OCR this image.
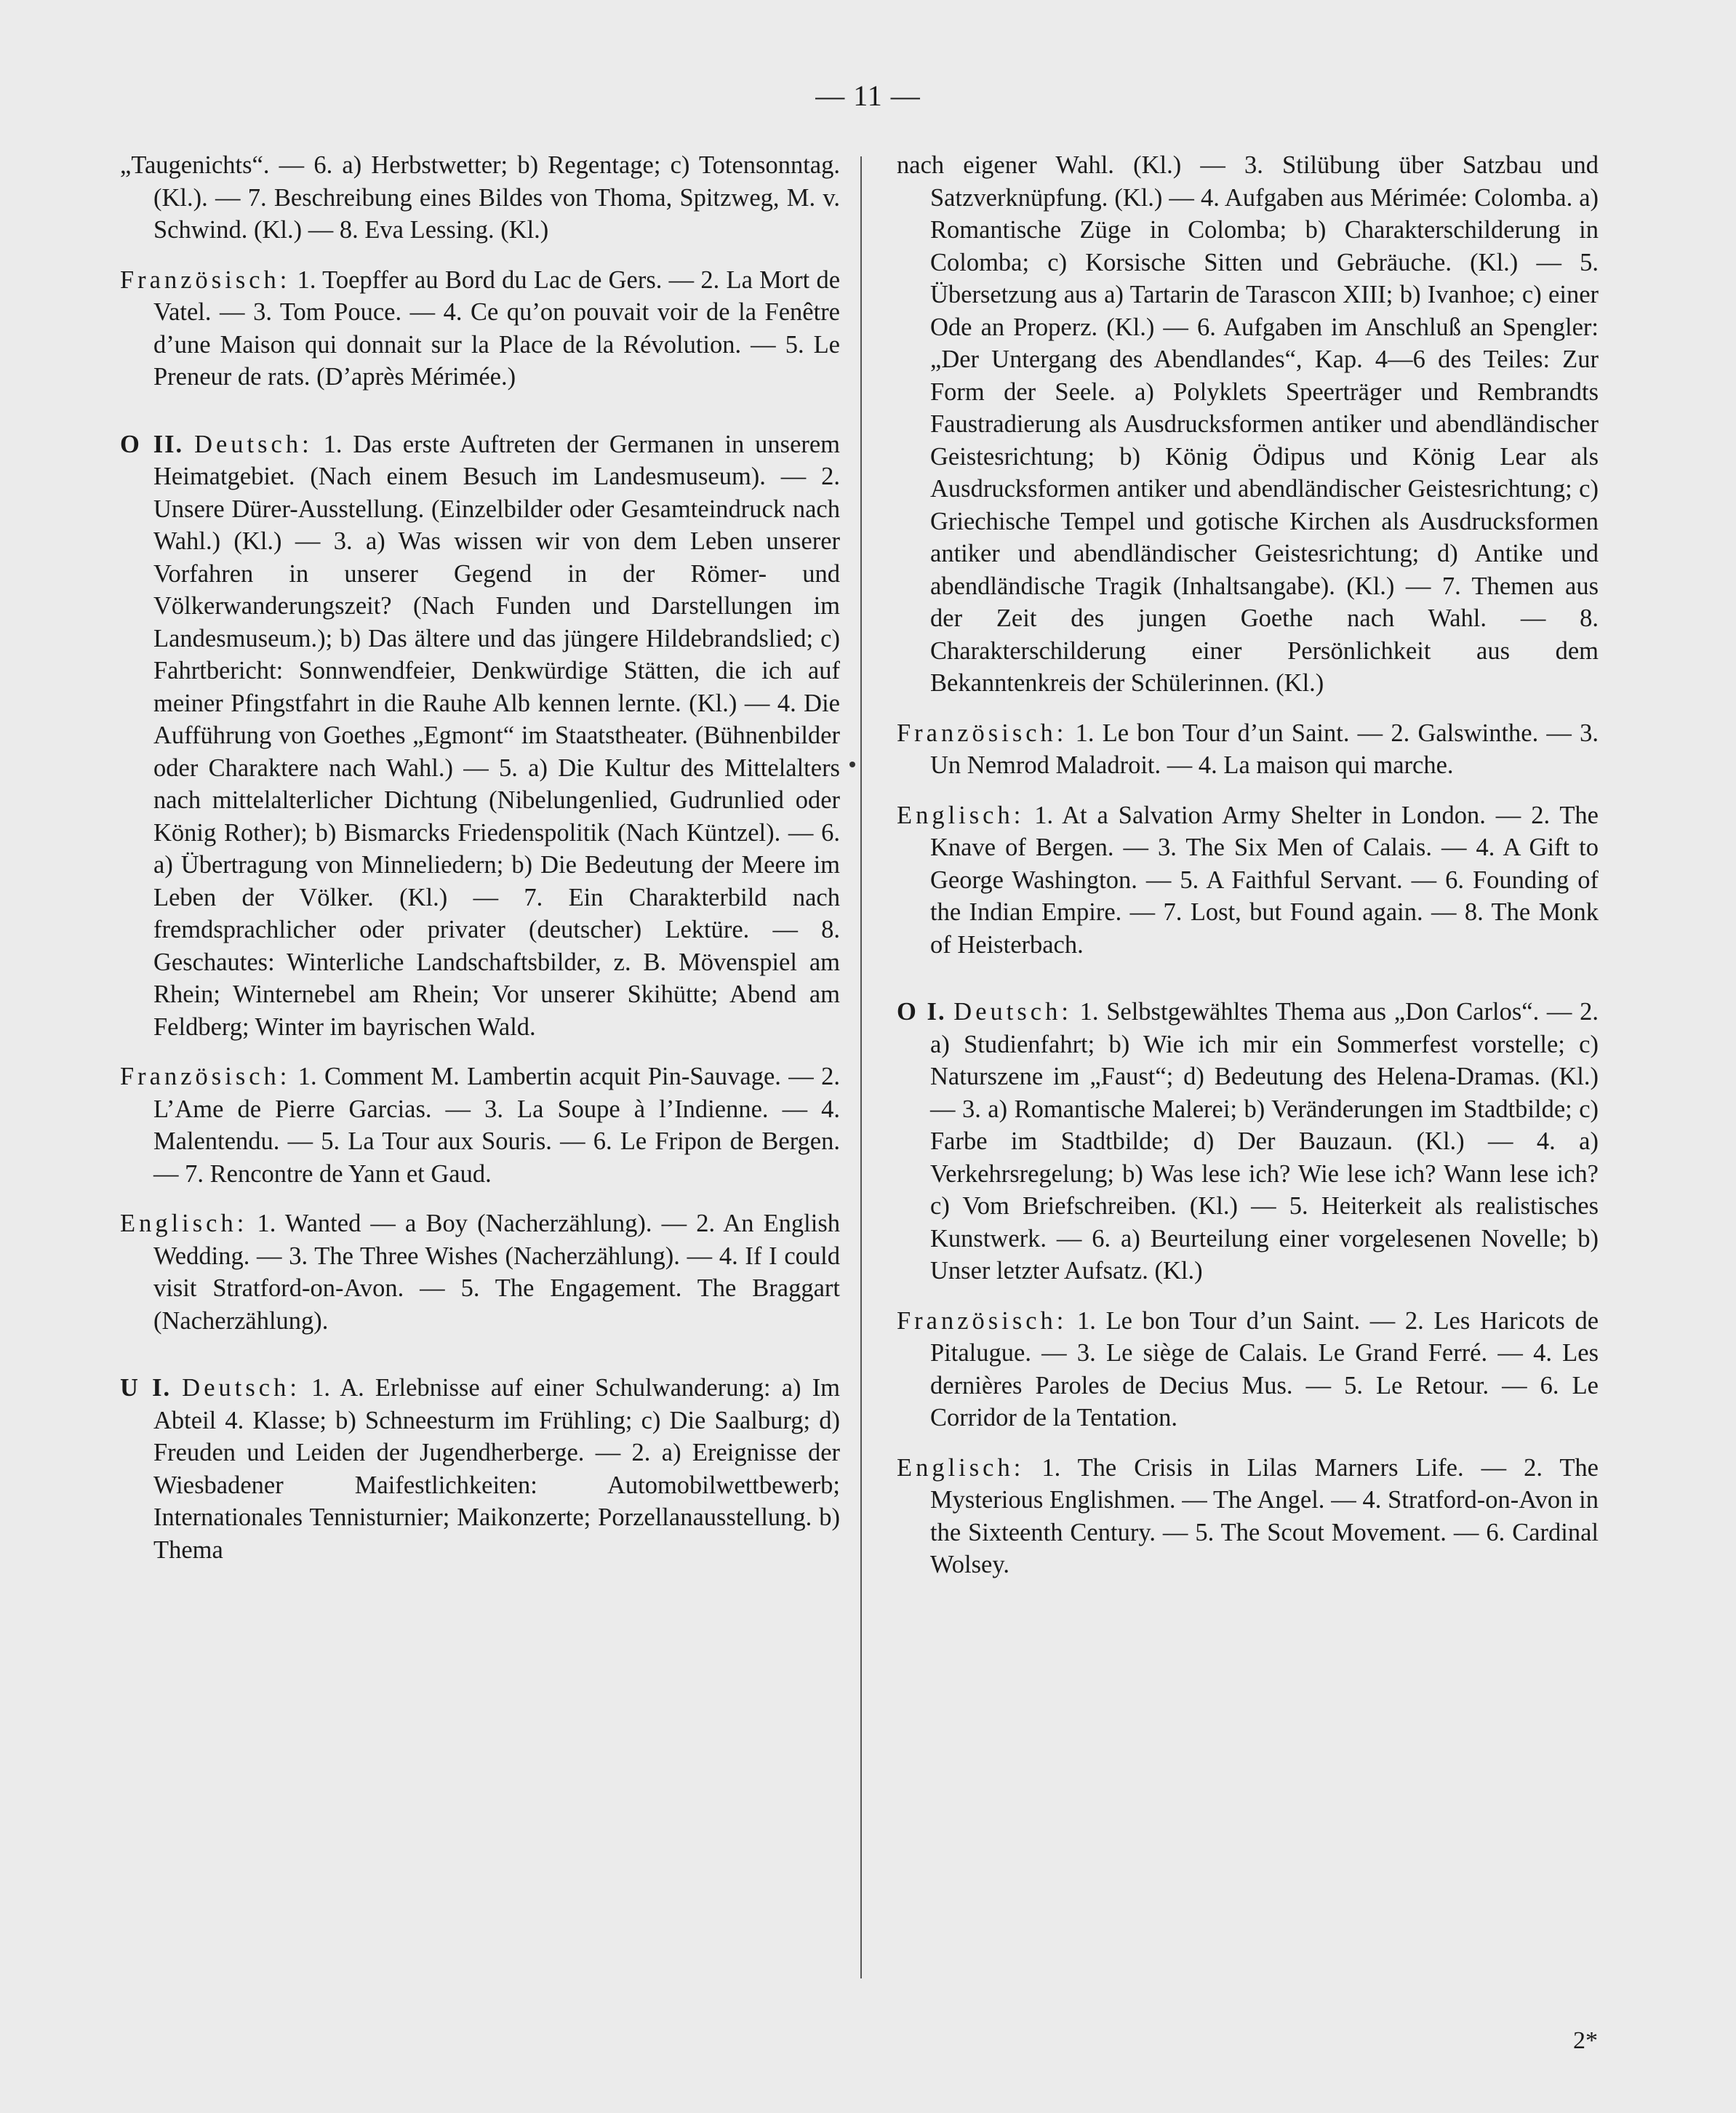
— 11 —

„Taugenichts“. — 6. a) Herbstwetter; b) Regentage; c) Totensonntag. (Kl.). — 7. Beschreibung eines Bildes von Thoma, Spitzweg, M. v. Schwind. (Kl.) — 8. Eva Lessing. (Kl.)

Französisch: 1. Toepffer au Bord du Lac de Gers. — 2. La Mort de Vatel. — 3. Tom Pouce. — 4. Ce qu’on pouvait voir de la Fenêtre d’une Maison qui donnait sur la Place de la Révolution. — 5. Le Preneur de rats. (D’après Mérimée.)

O II. Deutsch: 1. Das erste Auftreten der Germanen in unserem Heimatgebiet. (Nach einem Besuch im Landesmuseum). — 2. Unsere Dürer-Ausstellung. (Einzelbilder oder Gesamteindruck nach Wahl.) (Kl.) — 3. a) Was wissen wir von dem Leben unserer Vorfahren in unserer Gegend in der Römer- und Völkerwanderungszeit? (Nach Funden und Darstellungen im Landesmuseum.); b) Das ältere und das jüngere Hildebrandslied; c) Fahrtbericht: Sonnwendfeier, Denkwürdige Stätten, die ich auf meiner Pfingstfahrt in die Rauhe Alb kennen lernte. (Kl.) — 4. Die Aufführung von Goethes „Egmont“ im Staatstheater. (Bühnenbilder oder Charaktere nach Wahl.) — 5. a) Die Kultur des Mittelalters nach mittelalterlicher Dichtung (Nibelungenlied, Gudrunlied oder König Rother); b) Bismarcks Friedenspolitik (Nach Küntzel). — 6. a) Übertragung von Minneliedern; b) Die Bedeutung der Meere im Leben der Völker. (Kl.) — 7. Ein Charakterbild nach fremdsprachlicher oder privater (deutscher) Lektüre. — 8. Geschautes: Winterliche Landschaftsbilder, z. B. Mövenspiel am Rhein; Winternebel am Rhein; Vor unserer Skihütte; Abend am Feldberg; Winter im bayrischen Wald.

Französisch: 1. Comment M. Lambertin acquit Pin-Sauvage. — 2. L’Ame de Pierre Garcias. — 3. La Soupe à l’Indienne. — 4. Malentendu. — 5. La Tour aux Souris. — 6. Le Fripon de Bergen. — 7. Rencontre de Yann et Gaud.

Englisch: 1. Wanted — a Boy (Nacherzählung). — 2. An English Wedding. — 3. The Three Wishes (Nacherzählung). — 4. If I could visit Stratford-on-Avon. — 5. The Engagement. The Braggart (Nacherzählung).

U I. Deutsch: 1. A. Erlebnisse auf einer Schulwanderung: a) Im Abteil 4. Klasse; b) Schneesturm im Frühling; c) Die Saalburg; d) Freuden und Leiden der Jugendherberge. — 2. a) Ereignisse der Wiesbadener Maifestlichkeiten: Automobilwettbewerb; Internationales Tennisturnier; Maikonzerte; Porzellanausstellung. b) Thema

nach eigener Wahl. (Kl.) — 3. Stilübung über Satzbau und Satzverknüpfung. (Kl.) — 4. Aufgaben aus Mérimée: Colomba. a) Romantische Züge in Colomba; b) Charakterschilderung in Colomba; c) Korsische Sitten und Gebräuche. (Kl.) — 5. Übersetzung aus a) Tartarin de Tarascon XIII; b) Ivanhoe; c) einer Ode an Properz. (Kl.) — 6. Aufgaben im Anschluß an Spengler: „Der Untergang des Abendlandes“, Kap. 4—6 des Teiles: Zur Form der Seele. a) Polyklets Speerträger und Rembrandts Faustradierung als Ausdrucksformen antiker und abendländischer Geistesrichtung; b) König Ödipus und König Lear als Ausdrucksformen antiker und abendländischer Geistesrichtung; c) Griechische Tempel und gotische Kirchen als Ausdrucksformen antiker und abendländischer Geistesrichtung; d) Antike und abendländische Tragik (Inhaltsangabe). (Kl.) — 7. Themen aus der Zeit des jungen Goethe nach Wahl. — 8. Charakterschilderung einer Persönlichkeit aus dem Bekanntenkreis der Schülerinnen. (Kl.)

Französisch: 1. Le bon Tour d’un Saint. — 2. Galswinthe. — 3. Un Nemrod Maladroit. — 4. La maison qui marche.

Englisch: 1. At a Salvation Army Shelter in London. — 2. The Knave of Bergen. — 3. The Six Men of Calais. — 4. A Gift to George Washington. — 5. A Faithful Servant. — 6. Founding of the Indian Empire. — 7. Lost, but Found again. — 8. The Monk of Heisterbach.

O I. Deutsch: 1. Selbstgewähltes Thema aus „Don Carlos“. — 2. a) Studienfahrt; b) Wie ich mir ein Sommerfest vorstelle; c) Naturszene im „Faust“; d) Bedeutung des Helena-Dramas. (Kl.) — 3. a) Romantische Malerei; b) Veränderungen im Stadtbilde; c) Farbe im Stadtbilde; d) Der Bauzaun. (Kl.) — 4. a) Verkehrsregelung; b) Was lese ich? Wie lese ich? Wann lese ich? c) Vom Briefschreiben. (Kl.) — 5. Heiterkeit als realistisches Kunstwerk. — 6. a) Beurteilung einer vorgelesenen Novelle; b) Unser letzter Aufsatz. (Kl.)

Französisch: 1. Le bon Tour d’un Saint. — 2. Les Haricots de Pitalugue. — 3. Le siège de Calais. Le Grand Ferré. — 4. Les dernières Paroles de Decius Mus. — 5. Le Retour. — 6. Le Corridor de la Tentation.

Englisch: 1. The Crisis in Lilas Marners Life. — 2. The Mysterious Englishmen. — The Angel. — 4. Stratford-on-Avon in the Sixteenth Century. — 5. The Scout Movement. — 6. Cardinal Wolsey.

2*
